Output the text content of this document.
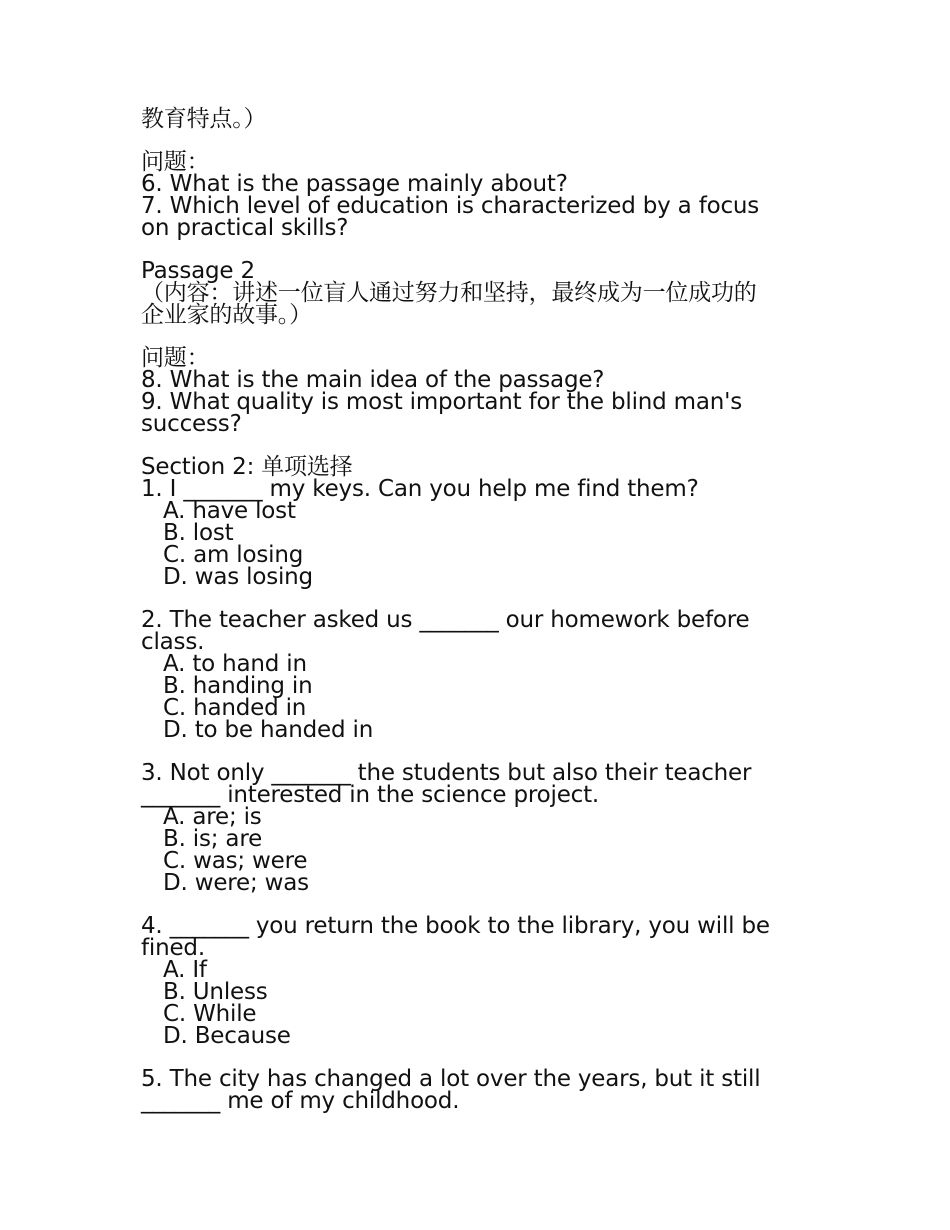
教育特点。）
问题：
6. What is the passage mainly about?
7. Which level of education is characterized by a focus
on practical skills?
Passage 2
（内容：讲述一位盲人通过努力和坚持，最终成为一位成功的
企业家的故事。）
问题：
8. What is the main idea of the passage?
9. What quality is most important for the blind man's
success?
Section 2: 单项选择
1. I _______ my keys. Can you help me find them?
A. have lost
B. lost
C. am losing
D. was losing
2. The teacher asked us _______ our homework before
class.
A. to hand in
B. handing in
C. handed in
D. to be handed in
3. Not only _______ the students but also their teacher
_______ interested in the science project.
A. are; is
B. is; are
C. was; were
D. were; was
4. _______ you return the book to the library, you will be
fined.
A. If
B. Unless
C. While
D. Because
5. The city has changed a lot over the years, but it still
_______ me of my childhood.
